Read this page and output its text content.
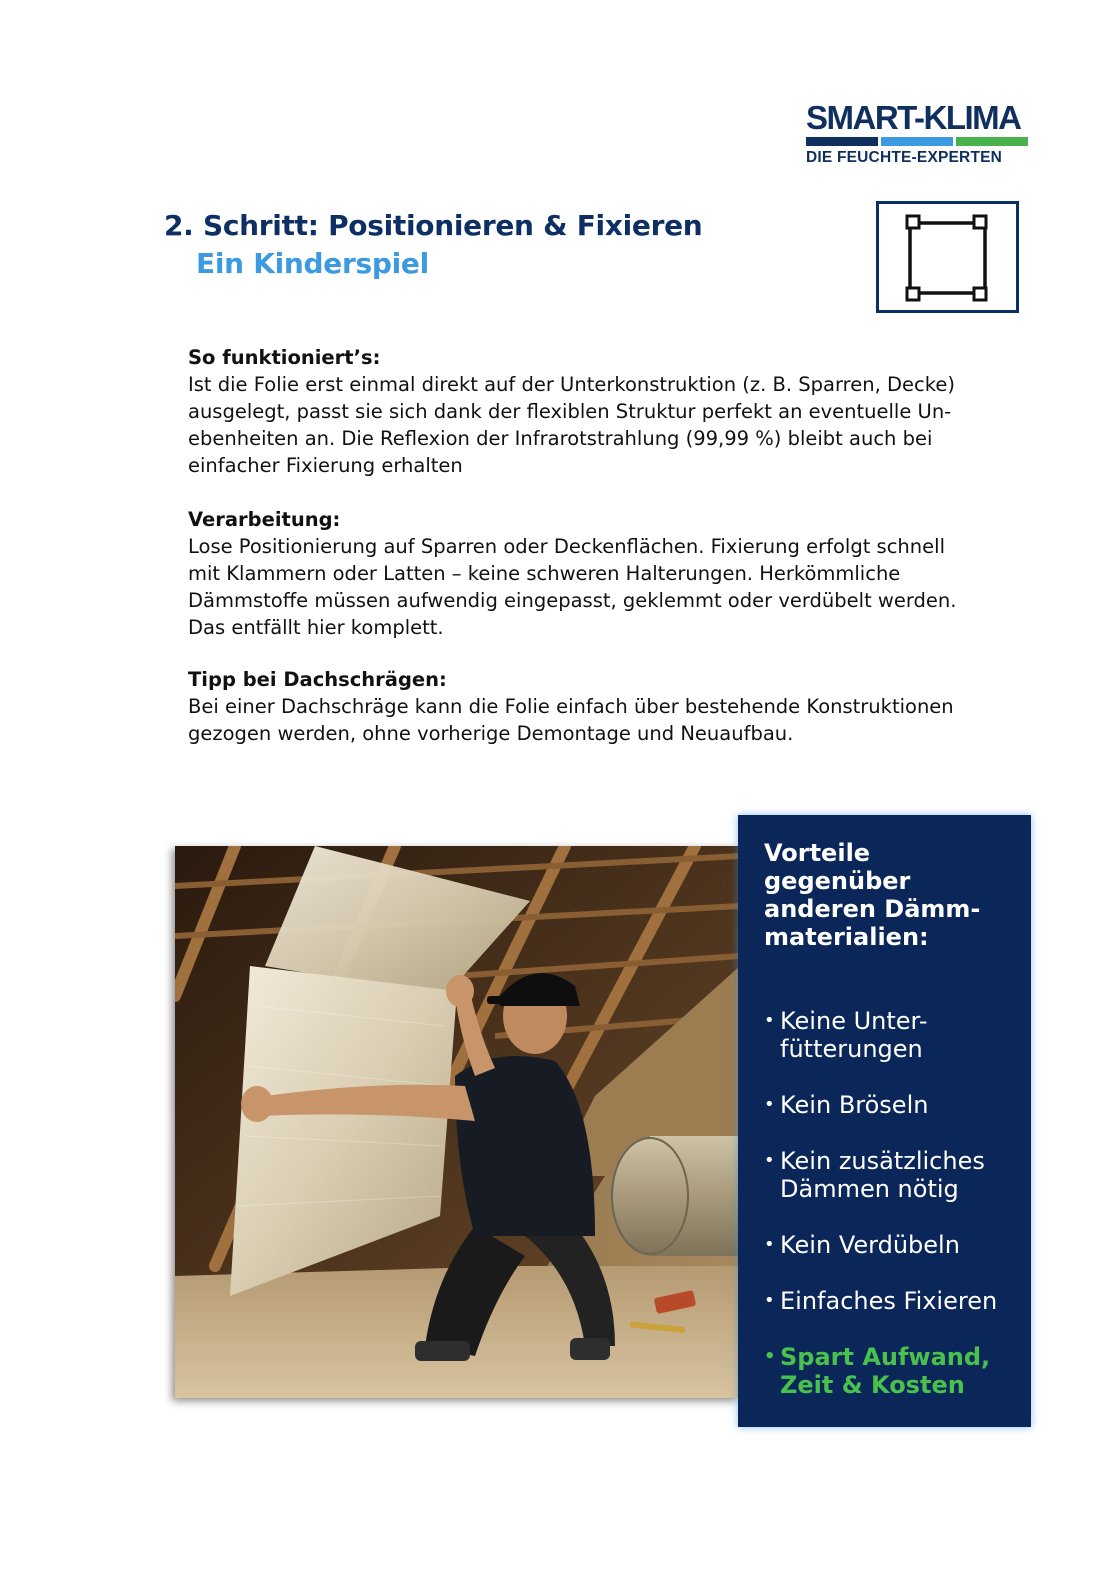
SMART-KLIMA
DIE FEUCHTE-EXPERTEN
2. Schritt: Positionieren & Fixieren
Ein Kinderspiel
So funktioniert’s:
Ist die Folie erst einmal direkt auf der Unterkonstruktion (z. B. Sparren, Decke)
ausgelegt, passt sie sich dank der flexiblen Struktur perfekt an eventuelle Un-
ebenheiten an. Die Reflexion der Infrarotstrahlung (99,99 %) bleibt auch bei
einfacher Fixierung erhalten
Verarbeitung:
Lose Positionierung auf Sparren oder Deckenflächen. Fixierung erfolgt schnell
mit Klammern oder Latten – keine schweren Halterungen. Herkömmliche
Dämmstoffe müssen aufwendig eingepasst, geklemmt oder verdübelt werden.
Das entfällt hier komplett.
Tipp bei Dachschrägen:
Bei einer Dachschräge kann die Folie einfach über bestehende Konstruktionen
gezogen werden, ohne vorherige Demontage und Neuaufbau.
Vorteile
gegenüber
anderen Dämm-
materialien:
• Keine Unter-
fütterungen
• Kein Bröseln
• Kein zusätzliches
Dämmen nötig
• Kein Verdübeln
• Einfaches Fixieren
• Spart Aufwand,
Zeit & Kosten
